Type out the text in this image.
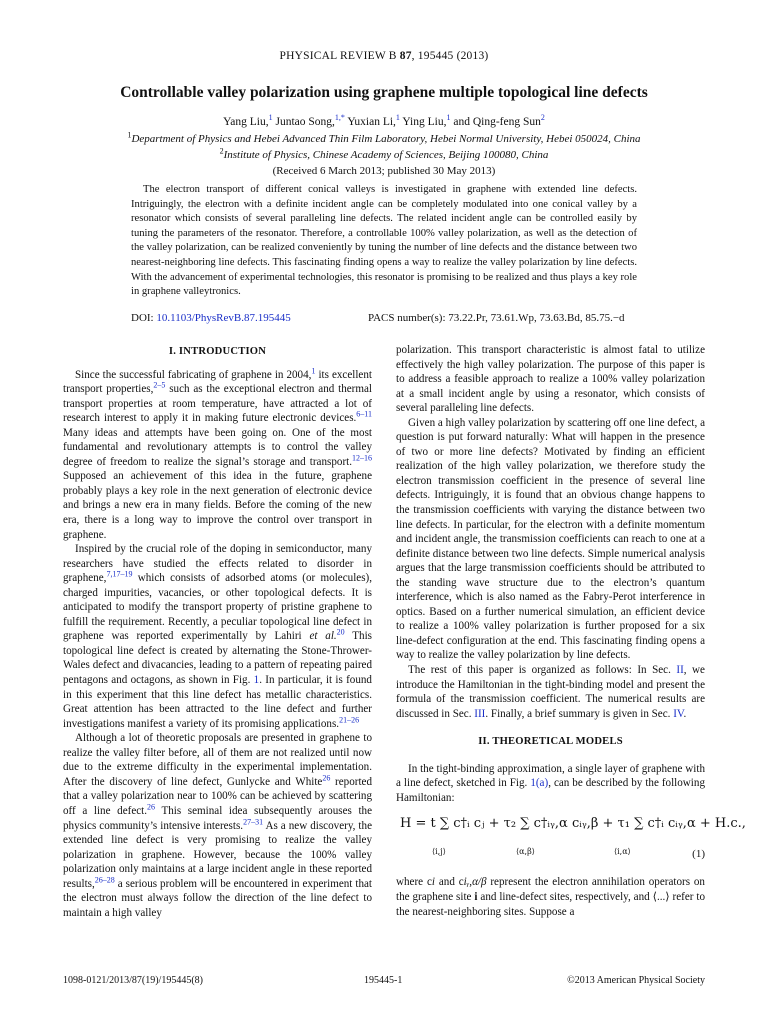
PHYSICAL REVIEW B 87, 195445 (2013)
Controllable valley polarization using graphene multiple topological line defects
Yang Liu,$^1$ Juntao Song,$^{1,*}$ Yuxian Li,$^1$ Ying Liu,$^1$ and Qing-feng Sun$^2$
$^1$Department of Physics and Hebei Advanced Thin Film Laboratory, Hebei Normal University, Hebei 050024, China
$^2$Institute of Physics, Chinese Academy of Sciences, Beijing 100080, China
(Received 6 March 2013; published 30 May 2013)
The electron transport of different conical valleys is investigated in graphene with extended line defects. Intriguingly, the electron with a definite incident angle can be completely modulated into one conical valley by a resonator which consists of several paralleling line defects. The related incident angle can be controlled easily by tuning the parameters of the resonator. Therefore, a controllable 100% valley polarization, as well as the detection of the valley polarization, can be realized conveniently by tuning the number of line defects and the distance between two nearest-neighboring line defects. This fascinating finding opens a way to realize the valley polarization by line defects. With the advancement of experimental technologies, this resonator is promising to be realized and thus plays a key role in graphene valleytronics.
DOI: 10.1103/PhysRevB.87.195445	PACS number(s): 73.22.Pr, 73.61.Wp, 73.63.Bd, 85.75.−d
I. INTRODUCTION

Since the successful fabricating of graphene in 2004,$^1$ its excellent transport properties,$^{2-5}$ such as the exceptional electron and thermal transport properties at room temperature, have attracted a lot of research interest to apply it in making future electronic devices.$^{6-11}$ Many ideas and attempts have been going on. One of the most fundamental and revolutionary attempts is to control the valley degree of freedom to realize the signal’s storage and transport.$^{12-16}$ Supposed an achievement of this idea in the future, graphene probably plays a key role in the next generation of electronic device and brings a new era in many fields. Before the coming of the new era, there is a long way to improve the control over transport in graphene.

Inspired by the crucial role of the doping in semiconductor, many researchers have studied the effects related to disorder in graphene,$^{7,17-19}$ which consists of adsorbed atoms (or molecules), charged impurities, vacancies, or other topological defects. It is anticipated to modify the transport property of pristine graphene to fulfill the requirement. Recently, a peculiar topological line defect in graphene was reported experimentally by Lahiri et al.$^{20}$ This topological line defect is created by alternating the Stone-Thrower-Wales defect and divacancies, leading to a pattern of repeating paired pentagons and octagons, as shown in Fig. 1. In particular, it is found in this experiment that this line defect has metallic characteristics. Great attention has been attracted to the line defect and further investigations manifest a variety of its promising applications.$^{21-26}$

Although a lot of theoretic proposals are presented in graphene to realize the valley filter before, all of them are not realized until now due to the extreme difficulty in the experimental implementation. After the discovery of line defect, Gunlycke and White$^{26}$ reported that a valley polarization near to 100% can be achieved by scattering off a line defect.$^{26}$ This seminal idea subsequently arouses the physics community’s intensive interests.$^{27-31}$ As a new discovery, the extended line defect is very promising to realize the valley polarization in graphene. However, because the 100% valley polarization only maintains at a large incident angle in these reported results,$^{26-28}$ a serious problem will be encountered in experiment that the electron must always follow the direction of the line defect to maintain a high valley

polarization. This transport characteristic is almost fatal to utilize effectively the high valley polarization. The purpose of this paper is to address a feasible approach to realize a 100% valley polarization at a small incident angle by using a resonator, which consists of several paralleling line defects.

Given a high valley polarization by scattering off one line defect, a question is put forward naturally: What will happen in the presence of two or more line defects? Motivated by finding an efficient realization of the high valley polarization, we therefore study the electron transmission coefficient in the presence of several line defects. Intriguingly, it is found that an obvious change happens to the transmission coefficients with varying the distance between two line defects. In particular, for the electron with a definite momentum and incident angle, the transmission coefficients can reach to one at a definite distance between two line defects. Simple numerical analysis argues that the large transmission coefficients should be attributed to the standing wave structure due to the electron’s quantum interference, which is also named as the Fabry-Perot interference in optics. Based on a further numerical simulation, an efficient device to realize a 100% valley polarization is further proposed for a six line-defect configuration at the end. This fascinating finding opens a way to realize the valley polarization by line defects.

The rest of this paper is organized as follows: In Sec. II, we introduce the Hamiltonian in the tight-binding model and present the formula of the transmission coefficient. The numerical results are discussed in Sec. III. Finally, a brief summary is given in Sec. IV.

II. THEORETICAL MODELS

In the tight-binding approximation, a single layer of graphene with a line defect, sketched in Fig. 1(a), can be described by the following Hamiltonian:

H = t ∑ c†ᵢ cⱼ + τ₂ ∑ c†ᵢᵧ,α cᵢᵧ,β + τ₁ ∑ c†ᵢ cᵢᵧ,α + H.c.,
⟨i,j⟩	⟨α,β⟩	⟨i,α⟩	(1)

where ci and ciᵧ,α/β represent the electron annihilation operators on the graphene site i and line-defect sites, respectively, and ⟨...⟩ refer to the nearest-neighboring sites. Suppose a

1098-0121/2013/87(19)/195445(8)	195445-1	©2013 American Physical Society
